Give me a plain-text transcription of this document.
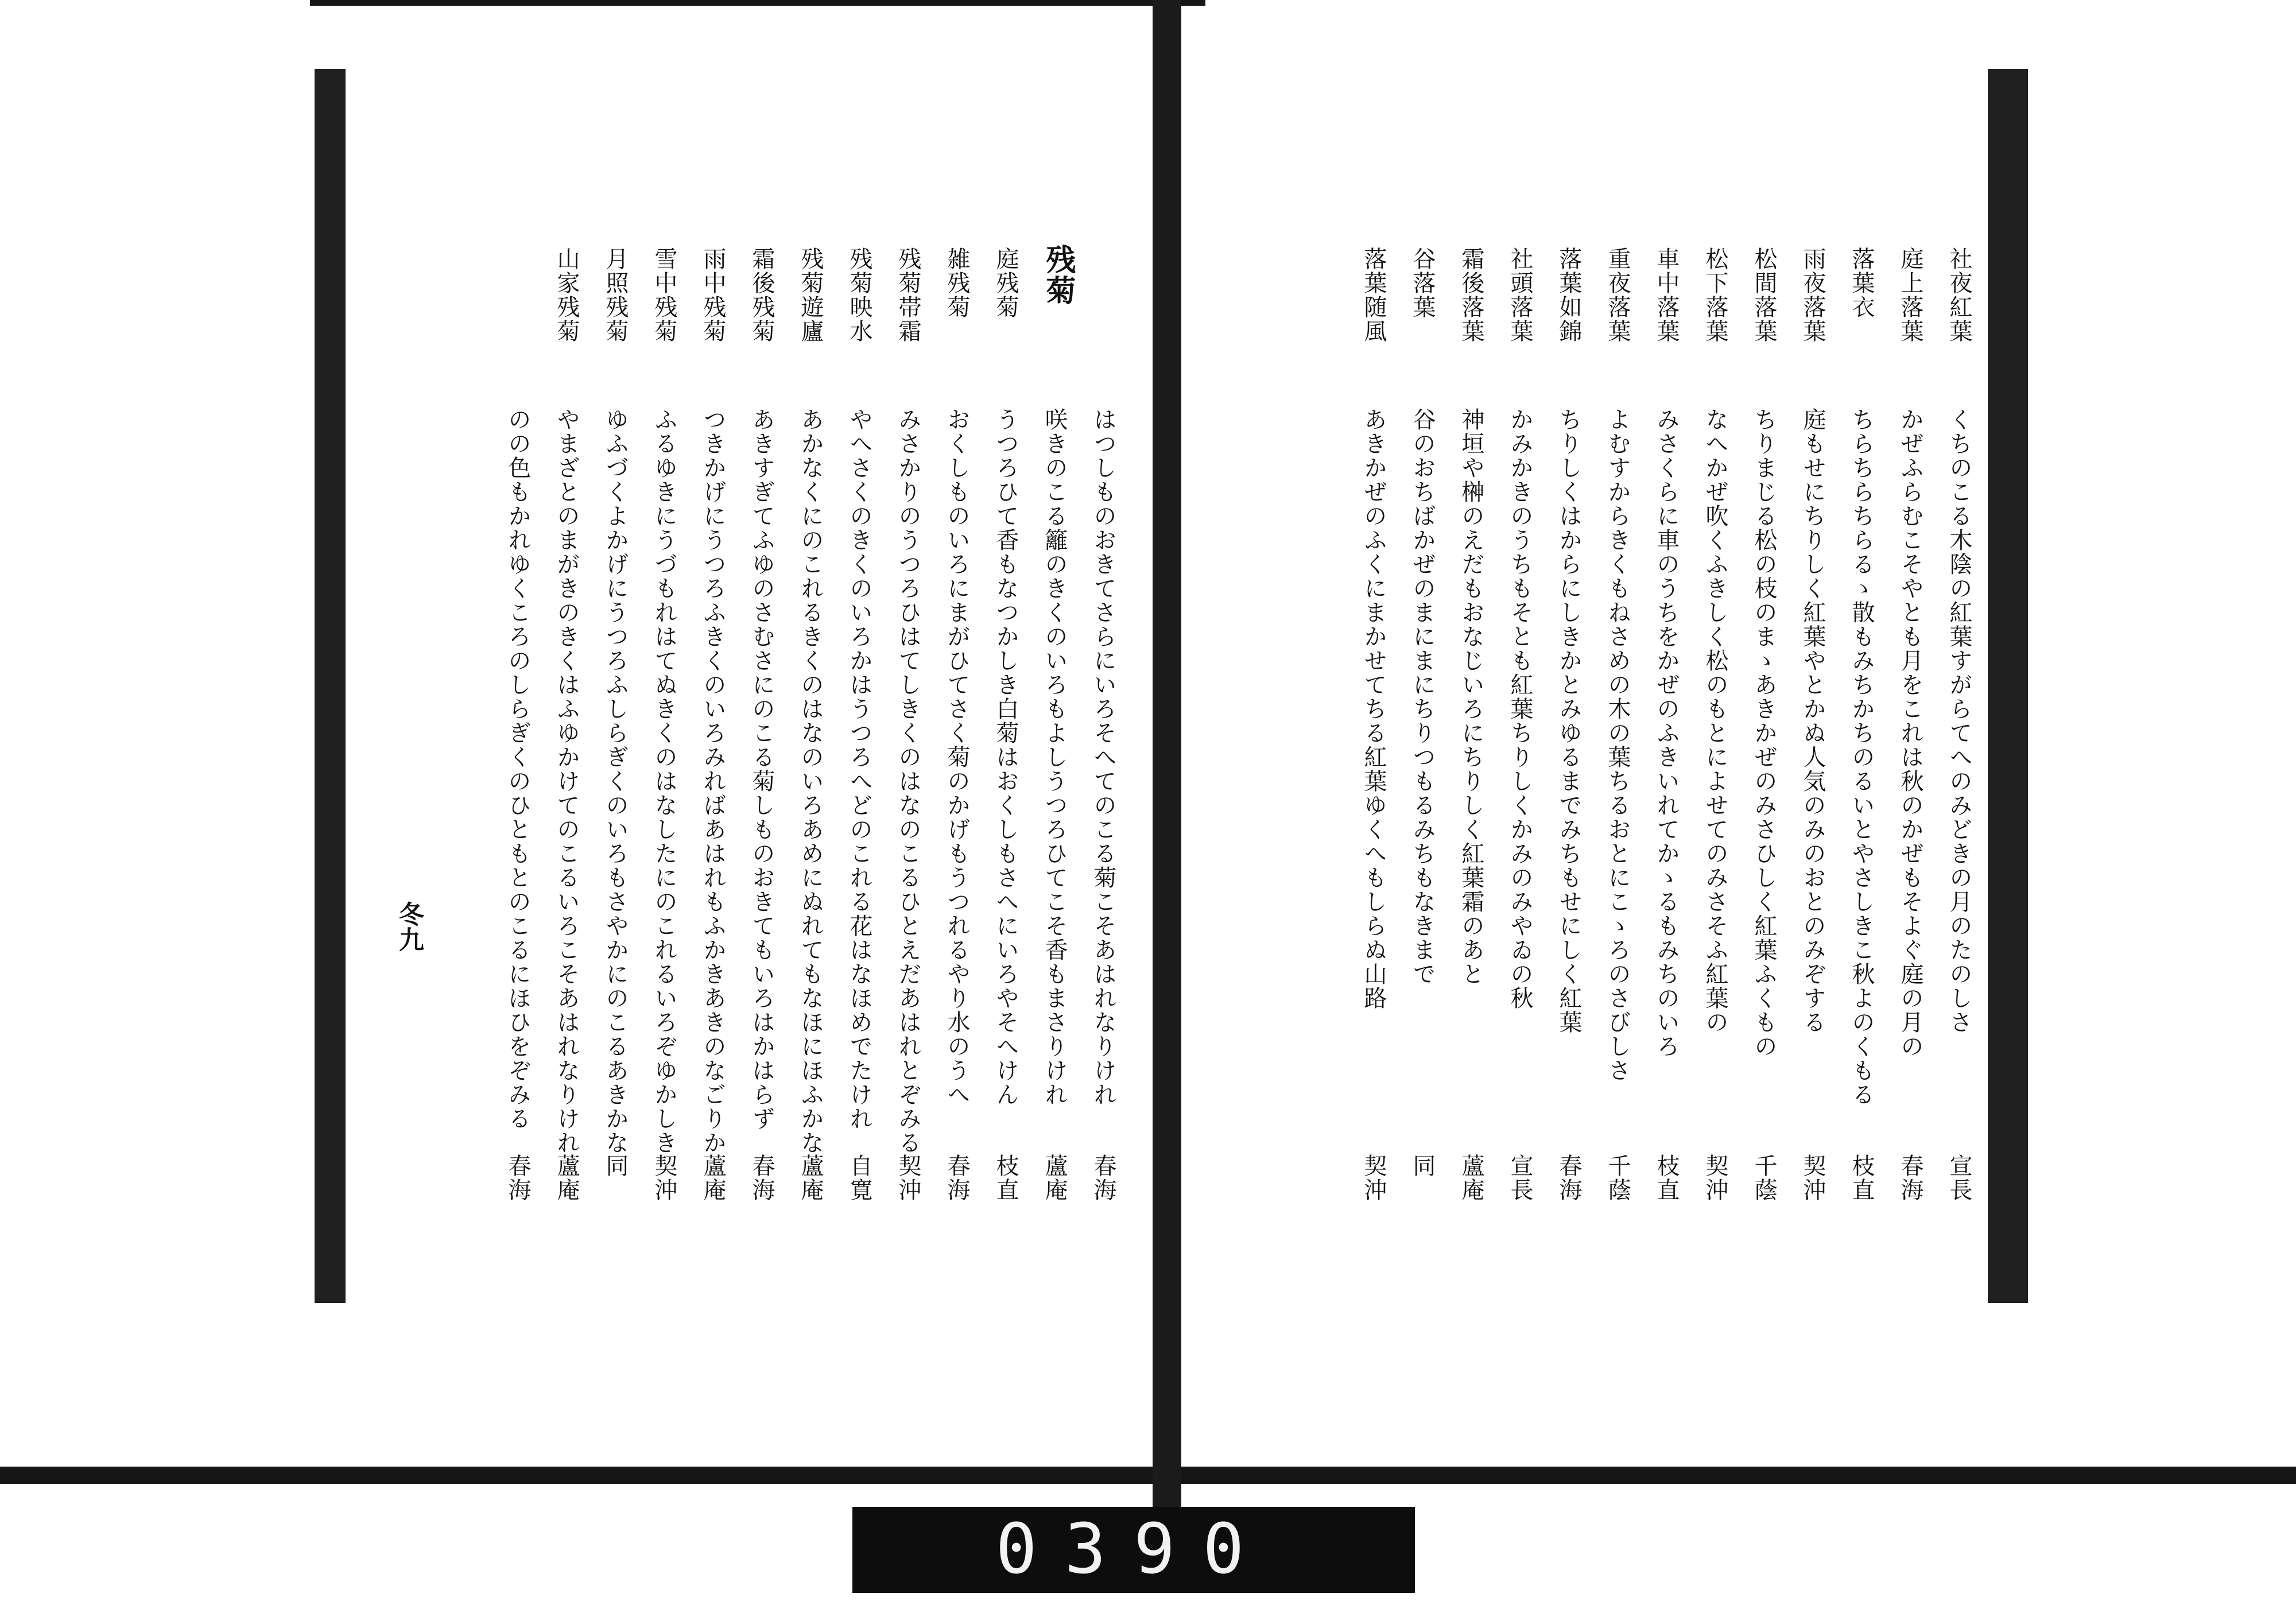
社夜紅葉
くちのこる木陰の紅葉すがらてへのみどきの月のたのしさ
宣長
庭上落葉
かぜふらむこそやとも月をこれは秋のかぜもそよぐ庭の月の
春海
落葉衣
ちらちらちらるゝ散もみちかちのるいとやさしきこ秋よのくもる
枝直
雨夜落葉
庭もせにちりしく紅葉やとかぬ人気のみのおとのみぞする
契沖
松間落葉
ちりまじる松の枝のまゝあきかぜのみさひしく紅葉ふくもの
千蔭
松下落葉
なへかぜ吹くふきしく松のもとによせてのみさそふ紅葉の
契沖
車中落葉
みさくらに車のうちをかぜのふきいれてかゝるもみちのいろ
枝直
重夜落葉
よむすからきくもねさめの木の葉ちるおとにこゝろのさびしさ
千蔭
落葉如錦
ちりしくはからにしきかとみゆるまでみちもせにしく紅葉
春海
社頭落葉
かみかきのうちもそとも紅葉ちりしくかみのみやゐの秋
宣長
霜後落葉
神垣や榊のえだもおなじいろにちりしく紅葉霜のあと
蘆庵
谷落葉
谷のおちばかぜのまにまにちりつもるみちもなきまで
同
落葉随風
あきかぜのふくにまかせてちる紅葉ゆくへもしらぬ山路
契沖
残菊
はつしものおきてさらにいろそへてのこる菊こそあはれなりけれ
春海
庭残菊
咲きのこる籬のきくのいろもよしうつろひてこそ香もまさりけれ
蘆庵
雑残菊
うつろひて香もなつかしき白菊はおくしもさへにいろやそへけん
枝直
残菊帯霜
おくしものいろにまがひてさく菊のかげもうつれるやり水のうへ
春海
残菊映水
みさかりのうつろひはてしきくのはなのこるひとえだあはれとぞみる
契沖
残菊遊廬
やへさくのきくのいろかはうつろへどのこれる花はなほめでたけれ
自寛
霜後残菊
あかなくにのこれるきくのはなのいろあめにぬれてもなほにほふかな
蘆庵
雨中残菊
あきすぎてふゆのさむさにのこる菊しものおきてもいろはかはらず
春海
雪中残菊
つきかげにうつろふきくのいろみればあはれもふかきあきのなごりか
蘆庵
月照残菊
ふるゆきにうづもれはてぬきくのはなしたにのこれるいろぞゆかしき
契沖
山家残菊
ゆふづくよかげにうつろふしらぎくのいろもさやかにのこるあきかな
同
やまざとのまがきのきくはふゆかけてのこるいろこそあはれなりけれ
蘆庵
のの色もかれゆくころのしらぎくのひともとのこるにほひをぞみる
春海
冬九
0390
